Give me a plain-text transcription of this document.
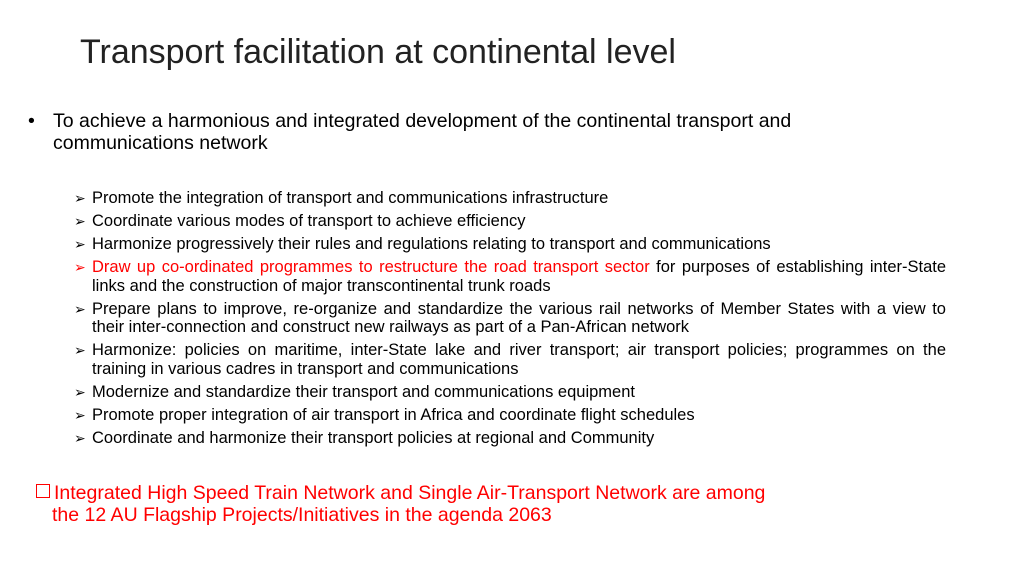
Transport facilitation at continental level
• To achieve a harmonious and integrated development of the continental transport and communications network
➢ Promote the integration of transport and communications infrastructure
➢ Coordinate various modes of transport to achieve efficiency
➢ Harmonize progressively their rules and regulations relating to transport and communications
➢ Draw up co-ordinated programmes to restructure the road transport sector for purposes of establishing inter-State links and the construction of major transcontinental trunk roads
➢ Prepare plans to improve, re-organize and standardize the various rail networks of Member States with a view to their inter-connection and construct new railways as part of a Pan-African network
➢ Harmonize: policies on maritime, inter-State lake and river transport; air transport policies; programmes on the training in various cadres in transport and communications
➢ Modernize and standardize their transport and communications equipment
➢ Promote proper integration of air transport in Africa and coordinate flight schedules
➢ Coordinate and harmonize their transport policies at regional and Community
Integrated High Speed Train Network and Single Air-Transport Network are among
the 12 AU Flagship Projects/Initiatives in the agenda 2063
